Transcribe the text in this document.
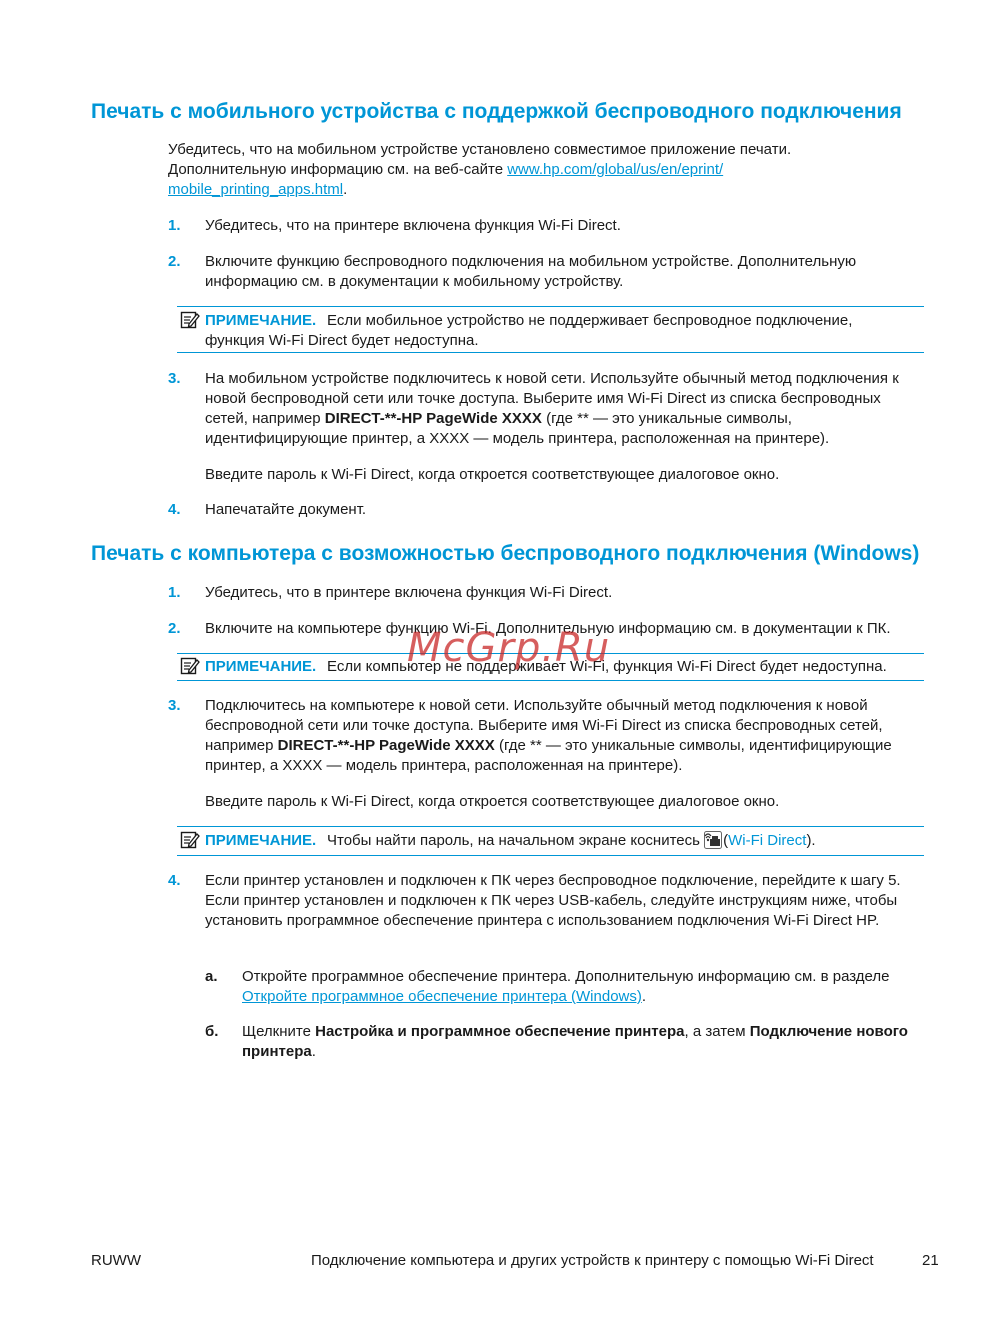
Печать с мобильного устройства с поддержкой беспроводного подключения

Убедитесь, что на мобильном устройстве установлено совместимое приложение печати.
Дополнительную информацию см. на веб-сайте www.hp.com/global/us/en/eprint/
mobile_printing_apps.html.

1. Убедитесь, что на принтере включена функция Wi-Fi Direct.

2. Включите функцию беспроводного подключения на мобильном устройстве. Дополнительную информацию см. в документации к мобильному устройству.

ПРИМЕЧАНИЕ. Если мобильное устройство не поддерживает беспроводное подключение,
функция Wi-Fi Direct будет недоступна.

3. На мобильном устройстве подключитесь к новой сети. Используйте обычный метод подключения к новой беспроводной сети или точке доступа. Выберите имя Wi-Fi Direct из списка беспроводных сетей, например DIRECT-**-HP PageWide XXXX (где ** — это уникальные символы, идентифицирующие принтер, а XXXX — модель принтера, расположенная на принтере).

Введите пароль к Wi-Fi Direct, когда откроется соответствующее диалоговое окно.

4. Напечатайте документ.

Печать с компьютера с возможностью беспроводного подключения (Windows)
1. Убедитесь, что в принтере включена функция Wi-Fi Direct.

2. Включите на компьютере функцию Wi-Fi. Дополнительную информацию см. в документации к ПК.

ПРИМЕЧАНИЕ. Если компьютер не поддерживает Wi-Fi, функция Wi-Fi Direct будет недоступна.

3. Подключитесь на компьютере к новой сети. Используйте обычный метод подключения к новой беспроводной сети или точке доступа. Выберите имя Wi-Fi Direct из списка беспроводных сетей, например DIRECT-**-HP PageWide XXXX (где ** — это уникальные символы, идентифицирующие принтер, а XXXX — модель принтера, расположенная на принтере).

Введите пароль к Wi-Fi Direct, когда откроется соответствующее диалоговое окно.

ПРИМЕЧАНИЕ. Чтобы найти пароль, на начальном экране коснитесь (Wi-Fi Direct).

4. Если принтер установлен и подключен к ПК через беспроводное подключение, перейдите к шагу 5. Если принтер установлен и подключен к ПК через USB-кабель, следуйте инструкциям ниже, чтобы установить программное обеспечение принтера с использованием подключения Wi-Fi Direct HP.

а. Откройте программное обеспечение принтера. Дополнительную информацию см. в разделе Откройте программное обеспечение принтера (Windows).

б. Щелкните Настройка и программное обеспечение принтера, а затем Подключение нового принтера.

McGrp.Ru

RUWW	Подключение компьютера и других устройств к принтеру с помощью Wi-Fi Direct	21
